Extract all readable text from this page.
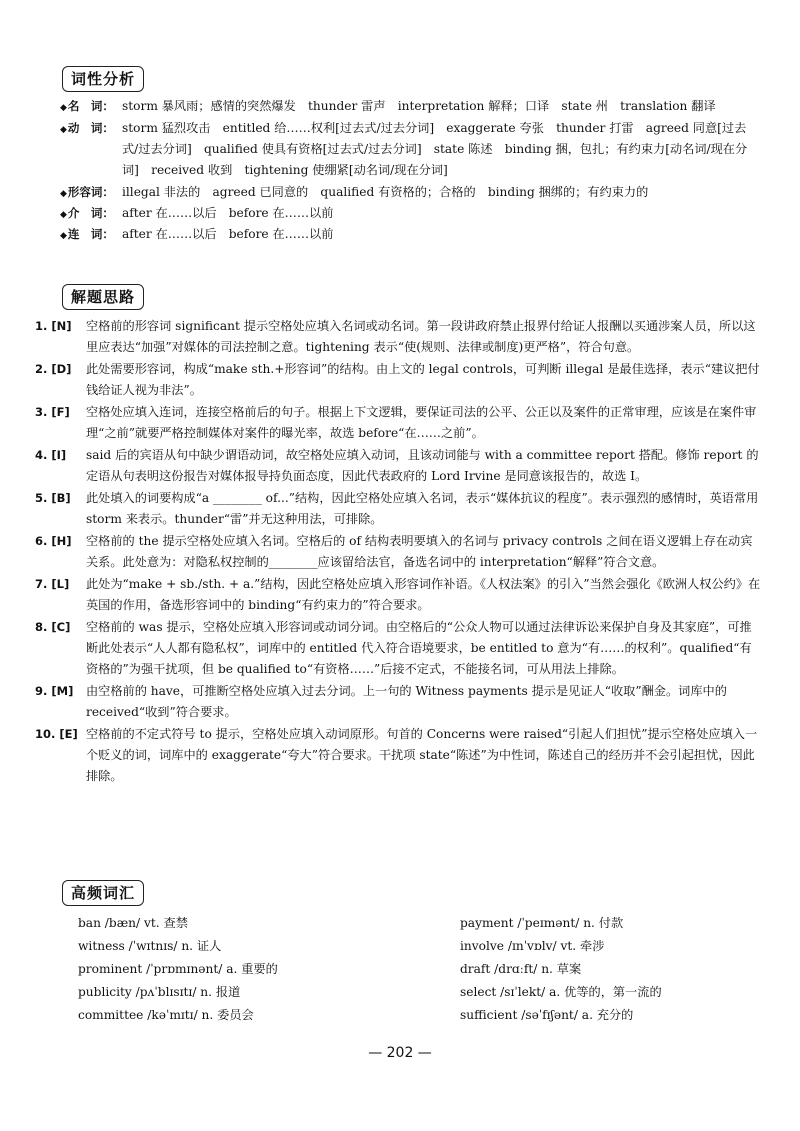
词性分析
◆名　词： storm 暴风雨；感情的突然爆发　thunder 雷声　interpretation 解释；口译　state 州　translation 翻译
◆动　词： storm 猛烈攻击　entitled 给……权利[过去式/过去分词]　exaggerate 夸张　thunder 打雷　agreed 同意[过去式/过去分词]　qualified 使具有资格[过去式/过去分词]　state 陈述　binding 捆，包扎；有约束力[动名词/现在分词]　received 收到　tightening 使绷紧[动名词/现在分词]
◆形容词： illegal 非法的　agreed 已同意的　qualified 有资格的；合格的　binding 捆绑的；有约束力的
◆介　词： after 在……以后　before 在……以前
◆连　词： after 在……以后　before 在……以前
解题思路
1. [N]	空格前的形容词 significant 提示空格处应填入名词或动名词。第一段讲政府禁止报界付给证人报酬以买通涉案人员，所以这里应表达“加强”对媒体的司法控制之意。tightening 表示“使(规则、法律或制度)更严格”，符合句意。
2. [D]	此处需要形容词，构成“make sth.+形容词”的结构。由上文的 legal controls，可判断 illegal 是最佳选择，表示“建议把付钱给证人视为非法”。
3. [F]	空格处应填入连词，连接空格前后的句子。根据上下文逻辑，要保证司法的公平、公正以及案件的正常审理，应该是在案件审理“之前”就要严格控制媒体对案件的曝光率，故选 before“在……之前”。
4. [I]	said 后的宾语从句中缺少谓语动词，故空格处应填入动词，且该动词能与 with a committee report 搭配。修饰 report 的定语从句表明这份报告对媒体报导持负面态度，因此代表政府的 Lord Irvine 是同意该报告的，故选 I。
5. [B]	此处填入的词要构成“a ________ of...”结构，因此空格处应填入名词，表示“媒体抗议的程度”。表示强烈的感情时，英语常用 storm 来表示。thunder“雷”并无这种用法，可排除。
6. [H]	空格前的 the 提示空格处应填入名词。空格后的 of 结构表明要填入的名词与 privacy controls 之间在语义逻辑上存在动宾关系。此处意为：对隐私权控制的________应该留给法官，备选名词中的 interpretation“解释”符合文意。
7. [L]	此处为“make + sb./sth. + a.”结构，因此空格处应填入形容词作补语。《人权法案》的引入”当然会强化《欧洲人权公约》在英国的作用，备选形容词中的 binding“有约束力的”符合要求。
8. [C]	空格前的 was 提示，空格处应填入形容词或动词分词。由空格后的“公众人物可以通过法律诉讼来保护自身及其家庭”，可推断此处表示“人人都有隐私权”，词库中的 entitled 代入符合语境要求，be entitled to 意为“有……的权利”。qualified“有资格的”为强干扰项，但 be qualified to“有资格……”后接不定式，不能接名词，可从用法上排除。
9. [M]	由空格前的 have，可推断空格处应填入过去分词。上一句的 Witness payments 提示是见证人“收取”酬金。词库中的 received“收到”符合要求。
10. [E] 空格前的不定式符号 to 提示，空格处应填入动词原形。句首的 Concerns were raised“引起人们担忧”提示空格处应填入一个贬义的词，词库中的 exaggerate“夸大”符合要求。干扰项 state“陈述”为中性词，陈述自己的经历并不会引起担忧，因此排除。
高频词汇
ban /bæn/ vt. 查禁
witness /ˈwɪtnɪs/ n. 证人
prominent /ˈprɒmɪnənt/ a. 重要的
publicity /pʌˈblɪsɪtɪ/ n. 报道
committee /kəˈmɪtɪ/ n. 委员会
payment /ˈpeɪmənt/ n. 付款
involve /ɪnˈvɒlv/ vt. 牵涉
draft /drɑːft/ n. 草案
select /sɪˈlekt/ a. 优等的，第一流的
sufficient /səˈfɪʃənt/ a. 充分的
— 202 —
